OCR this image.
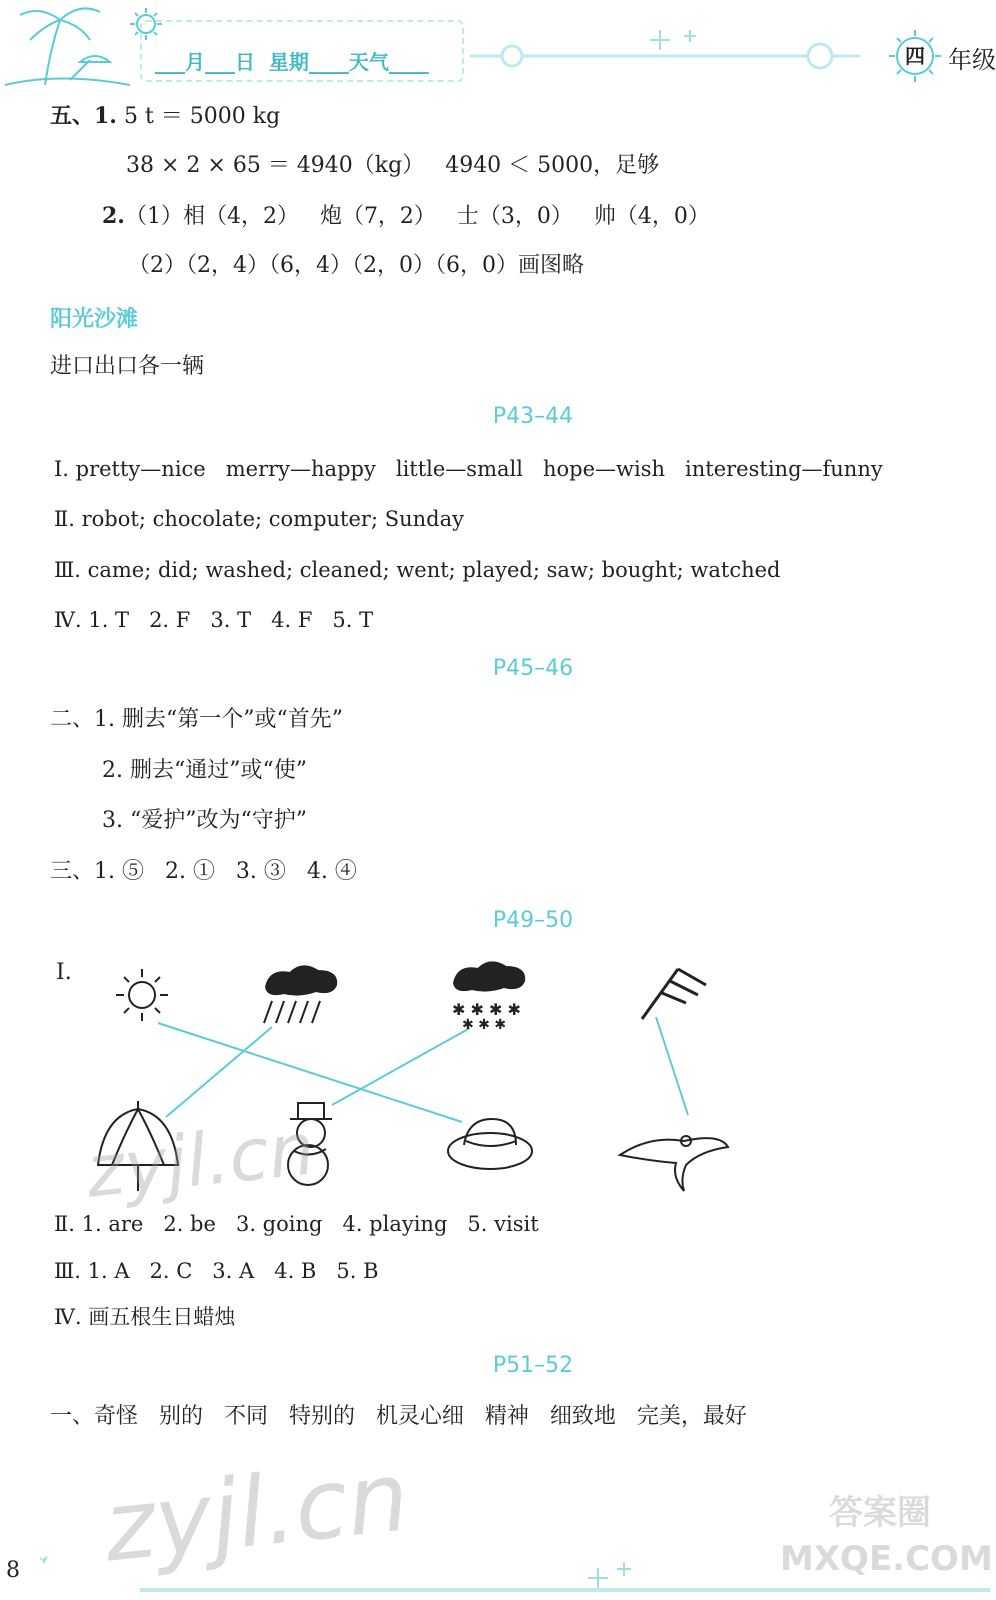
___月___日  星期____天气____	四 年级
五、1. 5 t ＝ 5000 kg
38 × 2 × 65 ＝ 4940（kg）   4940 ＜ 5000，足够
2.（1）相（4，2）   炮（7，2）   士（3，0）   帅（4，0）
（2）（2，4）（6，4）（2，0）（6，0）画图略
阳光沙滩
进口出口各一辆
P43–44
Ⅰ. pretty—nice   merry—happy   little—small   hope—wish   interesting—funny
Ⅱ. robot; chocolate; computer; Sunday
Ⅲ. came; did; washed; cleaned; went; played; saw; bought; watched
Ⅳ. 1. T   2. F   3. T   4. F   5. T
P45–46
二、1. 删去“第一个”或“首先”
2. 删去“通过”或“使”
3. “爱护”改为“守护”
三、1. ⑤   2. ①   3. ③   4. ④
P49–50
Ⅰ.
✱ ✱ ✱ ✱
✱ ✱ ✱
Ⅱ. 1. are   2. be   3. going   4. playing   5. visit
Ⅲ. 1. A   2. C   3. A   4. B   5. B
Ⅳ. 画五根生日蜡烛
P51–52
一、奇怪   别的   不同   特别的   机灵心细   精神   细致地   完美，最好
zyjl.cn
zyjl.cn	答案圈 MXQE.COM
8
